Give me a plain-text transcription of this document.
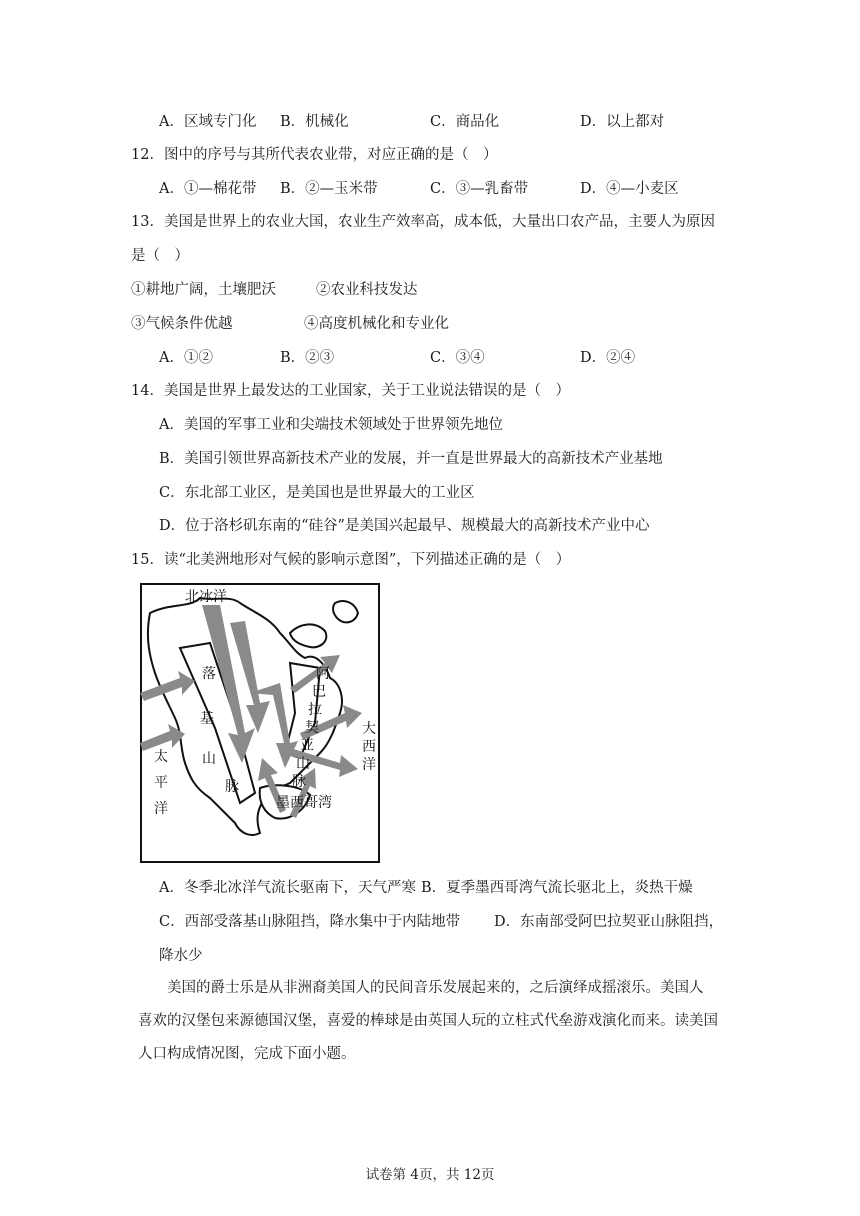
A．区域专门化 B．机械化	C．商品化	D．以上都对
12．图中的序号与其所代表农业带，对应正确的是（　）
A．①—棉花带 B．②—玉米带	C．③—乳畜带	D．④—小麦区
13．美国是世界上的农业大国，农业生产效率高，成本低，大量出口农产品，主要人为原因
是（　）
①耕地广阔，土壤肥沃	②农业科技发达
③气候条件优越	④高度机械化和专业化
A．①②	B．②③	C．③④	D．②④
14．美国是世界上最发达的工业国家，关于工业说法错误的是（　）
A．美国的军事工业和尖端技术领域处于世界领先地位
B．美国引领世界高新技术产业的发展，并一直是世界最大的高新技术产业基地
C．东北部工业区，是美国也是世界最大的工业区
D．位于洛杉矶东南的“硅谷”是美国兴起最早、规模最大的高新技术产业中心
15．读“北美洲地形对气候的影响示意图”，下列描述正确的是（　）
北冰洋
落
基
山
脉
太
平
洋
阿
巴
拉
契
亚
山
脉
大
西
洋
墨西哥湾
A．冬季北冰洋气流长驱南下，天气严寒 B．夏季墨西哥湾气流长驱北上，炎热干燥
C．西部受落基山脉阻挡，降水集中于内陆地带 D．东南部受阿巴拉契亚山脉阻挡，
降水少
美国的爵士乐是从非洲裔美国人的民间音乐发展起来的，之后演绎成摇滚乐。美国人
喜欢的汉堡包来源德国汉堡，喜爱的棒球是由英国人玩的立柱式代垒游戏演化而来。读美国
人口构成情况图，完成下面小题。
试卷第 4页，共 12页
